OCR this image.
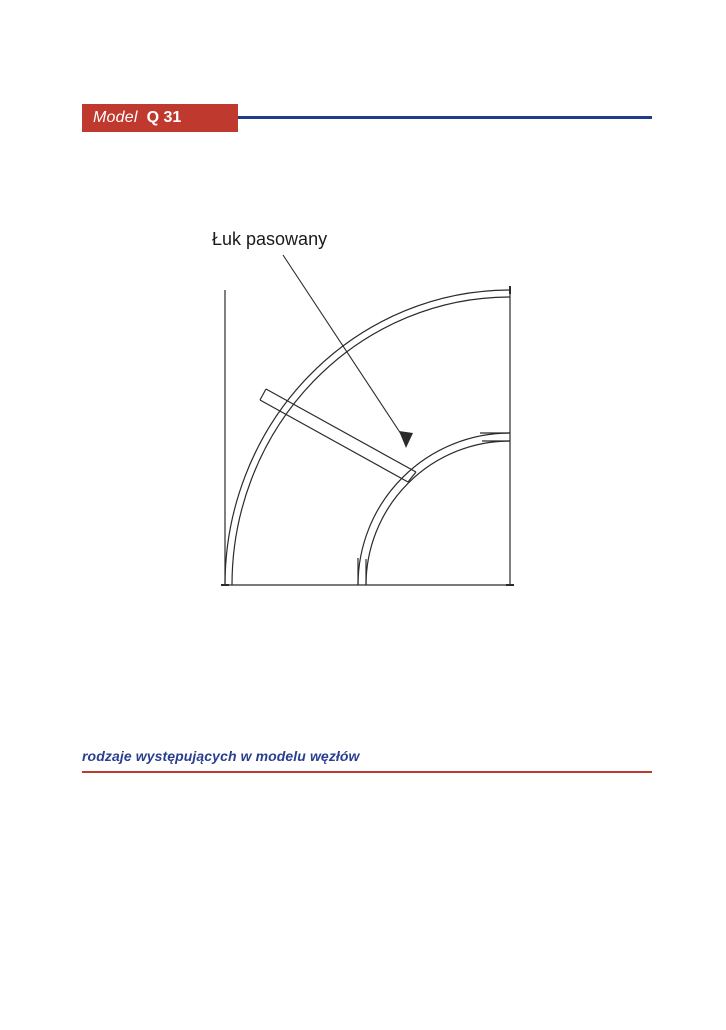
Model Q 31
Łuk pasowany
rodzaje występujących w modelu węzłów
